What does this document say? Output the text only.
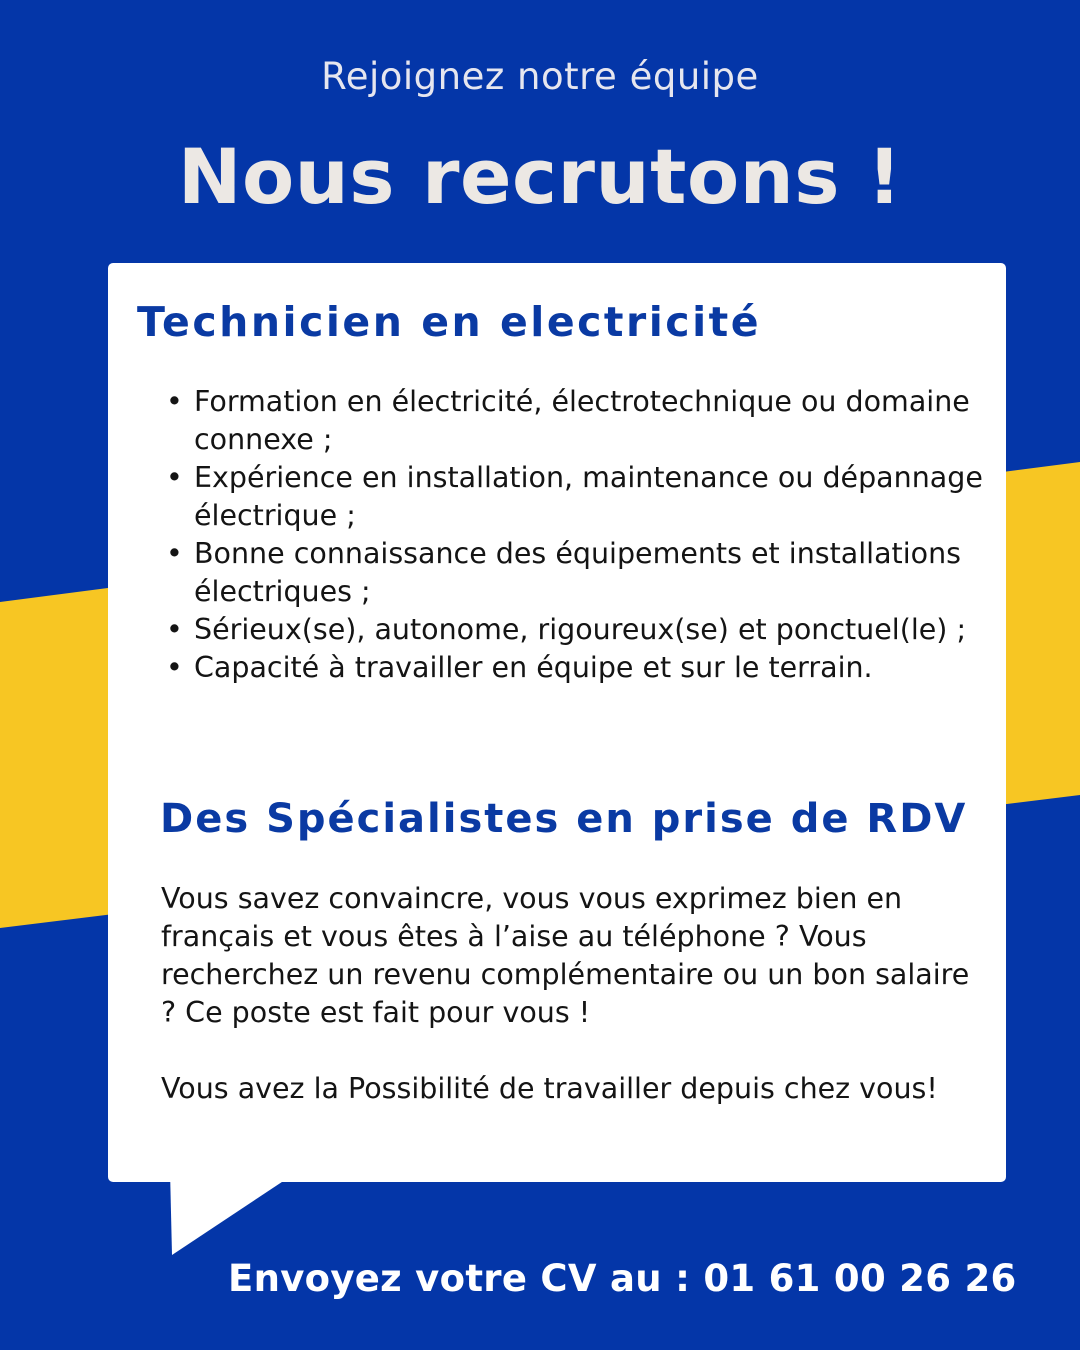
Rejoignez notre équipe
Nous recrutons !
Technicien en electricité
• Formation en électricité, électrotechnique ou domaine connexe ;
• Expérience en installation, maintenance ou dépannage électrique ;
• Bonne connaissance des équipements et installations électriques ;
• Sérieux(se), autonome, rigoureux(se) et ponctuel(le) ;
• Capacité à travailler en équipe et sur le terrain.
Des Spécialistes en prise de RDV

Vous savez convaincre, vous vous exprimez bien en français et vous êtes à l’aise au téléphone ? Vous recherchez un revenu complémentaire ou un bon salaire ? Ce poste est fait pour vous !

Vous avez la Possibilité de travailler depuis chez vous!

Envoyez votre CV au : 01 61 00 26 26
